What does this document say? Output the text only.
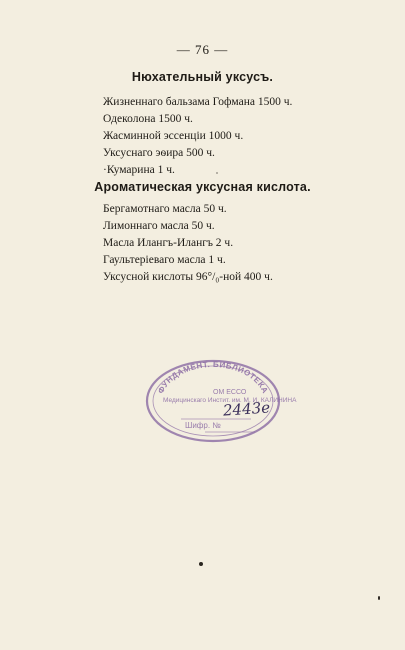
— 76 —
Нюхательный уксусъ.
Жизненнаго бальзама Гофмана 1500 ч.
Одеколона 1500 ч.
Жасминной эссенціи 1000 ч.
Уксуснаго эѳира 500 ч.
·Кумарина 1 ч.
Ароматическая уксусная кислота.
Бергамотнаго масла 50 ч.
Лимоннаго масла 50 ч.
Масла Илангъ-Илангъ 2 ч.
Гаультеріеваго масла 1 ч.
Уксусной кислоты 96°/₀-ной 400 ч.
ФУНДАМЕНТ. БИБЛИОТЕКА
ОМ ЕССО
Медицинскаго Инстит. им. М. И. КАЛИНИНА
2443е
Шифр. №
